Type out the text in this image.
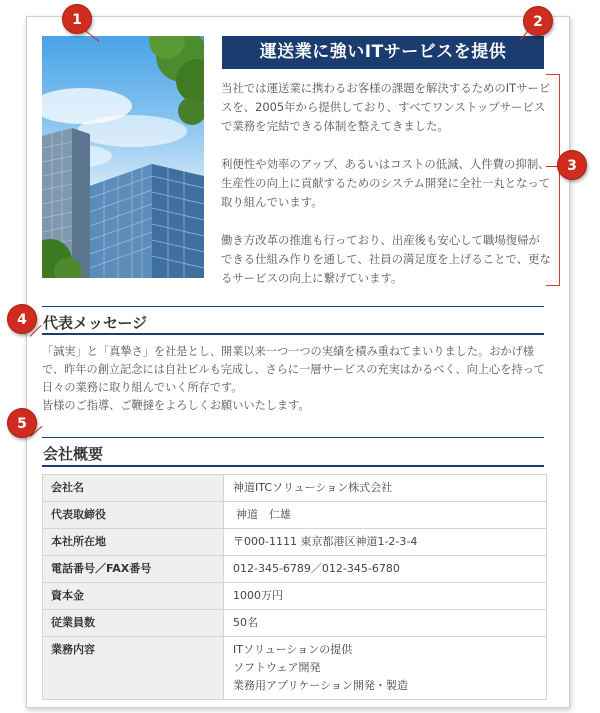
運送業に強いITサービスを提供

当社では運送業に携わるお客様の課題を解決するためのITサービスを、2005年から提供しており、すべてワンストップサービスで業務を完結できる体制を整えてきました。

利便性や効率のアップ、あるいはコストの低減、人件費の抑制、生産性の向上に貢献するためのシステム開発に全社一丸となって取り組んでいます。

働き方改革の推進も行っており、出産後も安心して職場復帰ができる仕組み作りを通して、社員の満足度を上げることで、更なるサービスの向上に繋げています。

代表メッセージ
「誠実」と「真摯さ」を社是とし、開業以来一つ一つの実績を積み重ねてまいりました。おかげ様で、昨年の創立記念には自社ビルも完成し、さらに一層サービスの充実はかるべく、向上心を持って日々の業務に取り組んでいく所存です。
皆様のご指導、ご鞭撻をよろしくお願いいたします。
会社概要
会社名	神道ITCソリューション株式会社
代表取締役	神道　仁雄
本社所在地	〒000-1111 東京都港区神道1-2-3-4
電話番号／FAX番号	012-345-6789／012-345-6780
資本金	1000万円
従業員数	50名
業務内容	ITソリューションの提供
ソフトウェア開発
業務用アプリケーション開発・製造
1	2
3
4
5
